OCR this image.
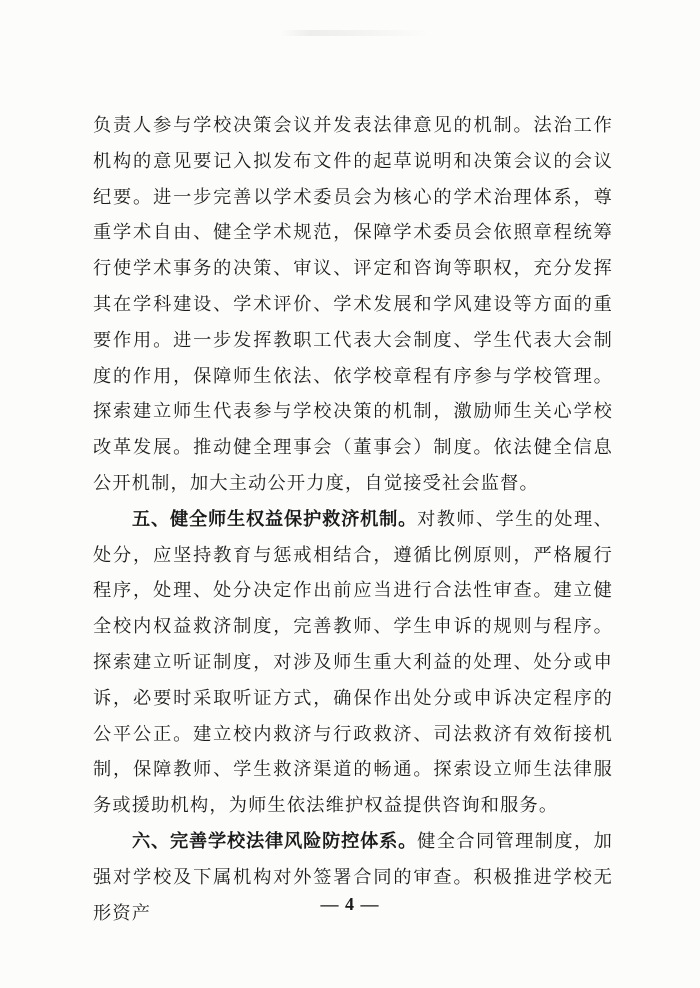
负责人参与学校决策会议并发表法律意见的机制。法治工作机构的意见要记入拟发布文件的起草说明和决策会议的会议纪要。进一步完善以学术委员会为核心的学术治理体系，尊重学术自由、健全学术规范，保障学术委员会依照章程统筹行使学术事务的决策、审议、评定和咨询等职权，充分发挥其在学科建设、学术评价、学术发展和学风建设等方面的重要作用。进一步发挥教职工代表大会制度、学生代表大会制度的作用，保障师生依法、依学校章程有序参与学校管理。探索建立师生代表参与学校决策的机制，激励师生关心学校改革发展。推动健全理事会（董事会）制度。依法健全信息公开机制，加大主动公开力度，自觉接受社会监督。

五、健全师生权益保护救济机制。对教师、学生的处理、处分，应坚持教育与惩戒相结合，遵循比例原则，严格履行程序，处理、处分决定作出前应当进行合法性审查。建立健全校内权益救济制度，完善教师、学生申诉的规则与程序。探索建立听证制度，对涉及师生重大利益的处理、处分或申诉，必要时采取听证方式，确保作出处分或申诉决定程序的公平公正。建立校内救济与行政救济、司法救济有效衔接机制，保障教师、学生救济渠道的畅通。探索设立师生法律服务或援助机构，为师生依法维护权益提供咨询和服务。

六、完善学校法律风险防控体系。健全合同管理制度，加强对学校及下属机构对外签署合同的审查。积极推进学校无形资产	— 4 —
